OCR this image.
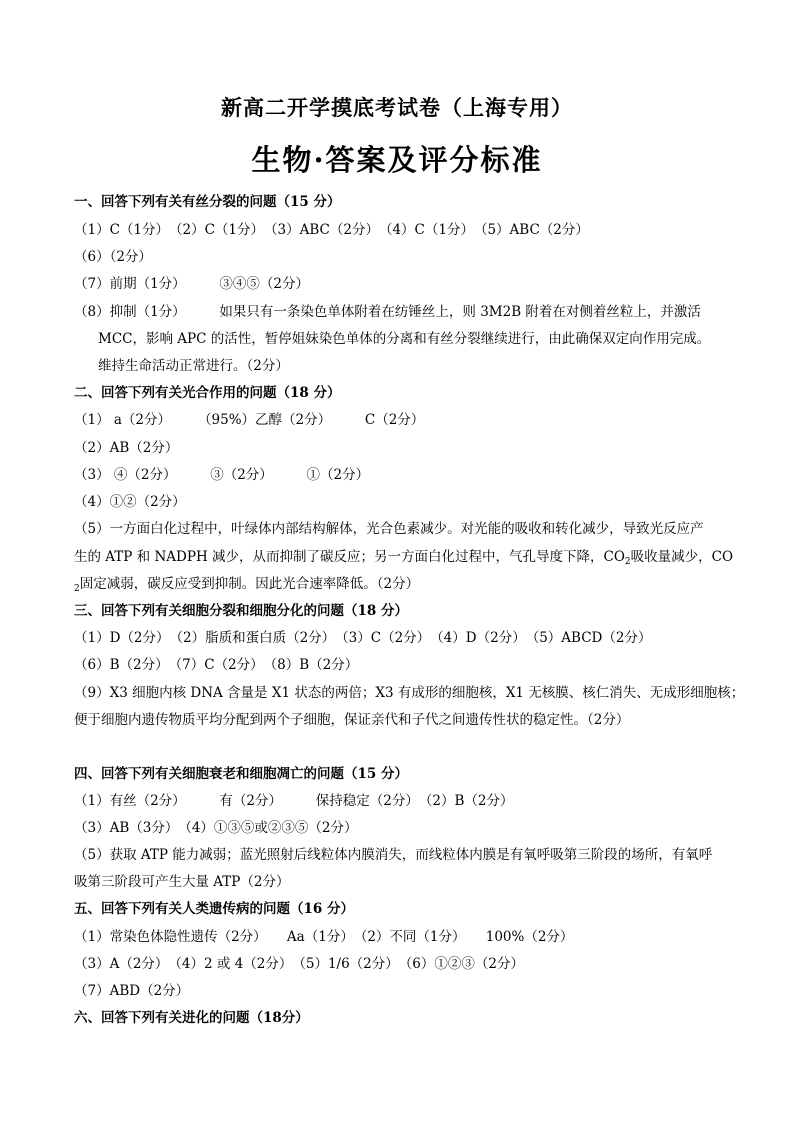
新高二开学摸底考试卷（上海专用）
生物·答案及评分标准
一、回答下列有关有丝分裂的问题（15 分）
（1）C（1分）　（2）C（1分）　（3）ABC（2分）　（4）C（1分）　（5）ABC（2分）
（6）（2分）
（7）前期（1分）　　　③④⑤（2分）
（8）抑制（1分）　　　如果只有一条染色单体附着在纺锤丝上，则 3M2B 附着在对侧着丝粒上，并激活
MCC，影响 APC 的活性，暂停姐妹染色单体的分离和有丝分裂继续进行，由此确保双定向作用完成。
维持生命活动正常进行。（2分）
二、回答下列有关光合作用的问题（18 分）
（1） a（2分）　　　（95%）乙醇（2分）　　　C（2分）
（2）AB（2分）
（3） ④（2分）　　　③（2分）　　　①（2分）
（4）①②（2分）
（5）一方面白化过程中，叶绿体内部结构解体，光合色素减少。对光能的吸收和转化减少，导致光反应产
生的 ATP 和 NADPH 减少，从而抑制了碳反应；另一方面白化过程中，气孔导度下降，$CO_2$吸收量减少，CO
$_2$固定减弱，碳反应受到抑制。因此光合速率降低。（2分）
三、回答下列有关细胞分裂和细胞分化的问题（18 分）
（1）D（2分）　（2）脂质和蛋白质（2分）　（3）C（2分）　（4）D（2分）　（5）ABCD（2分）
（6）B（2分）　（7）C（2分）　（8）B（2分）
（9）X3 细胞内核 DNA 含量是 X1 状态的两倍；X3 有成形的细胞核，X1 无核膜、核仁消失、无成形细胞核；
便于细胞内遗传物质平均分配到两个子细胞，保证亲代和子代之间遗传性状的稳定性。（2分）
四、回答下列有关细胞衰老和细胞凋亡的问题（15 分）
（1）有丝（2分）　　　有（2分）　　　保持稳定（2分）　（2）B（2分）
（3）AB（3分）　（4）①③⑤或②③⑤（2分）
（5）获取 ATP 能力减弱；蓝光照射后线粒体内膜消失，而线粒体内膜是有氧呼吸第三阶段的场所，有氧呼
吸第三阶段可产生大量 ATP（2分）
五、回答下列有关人类遗传病的问题（16 分）
（1）常染色体隐性遗传（2分）　　Aa（1分）　（2）不同（1分）　　100%（2分）
（3）A（2分）　（4）2 或 4（2分）　（5）1/6（2分）　（6）①②③（2分）
（7）ABD（2分）
六、回答下列有关进化的问题（18分）
